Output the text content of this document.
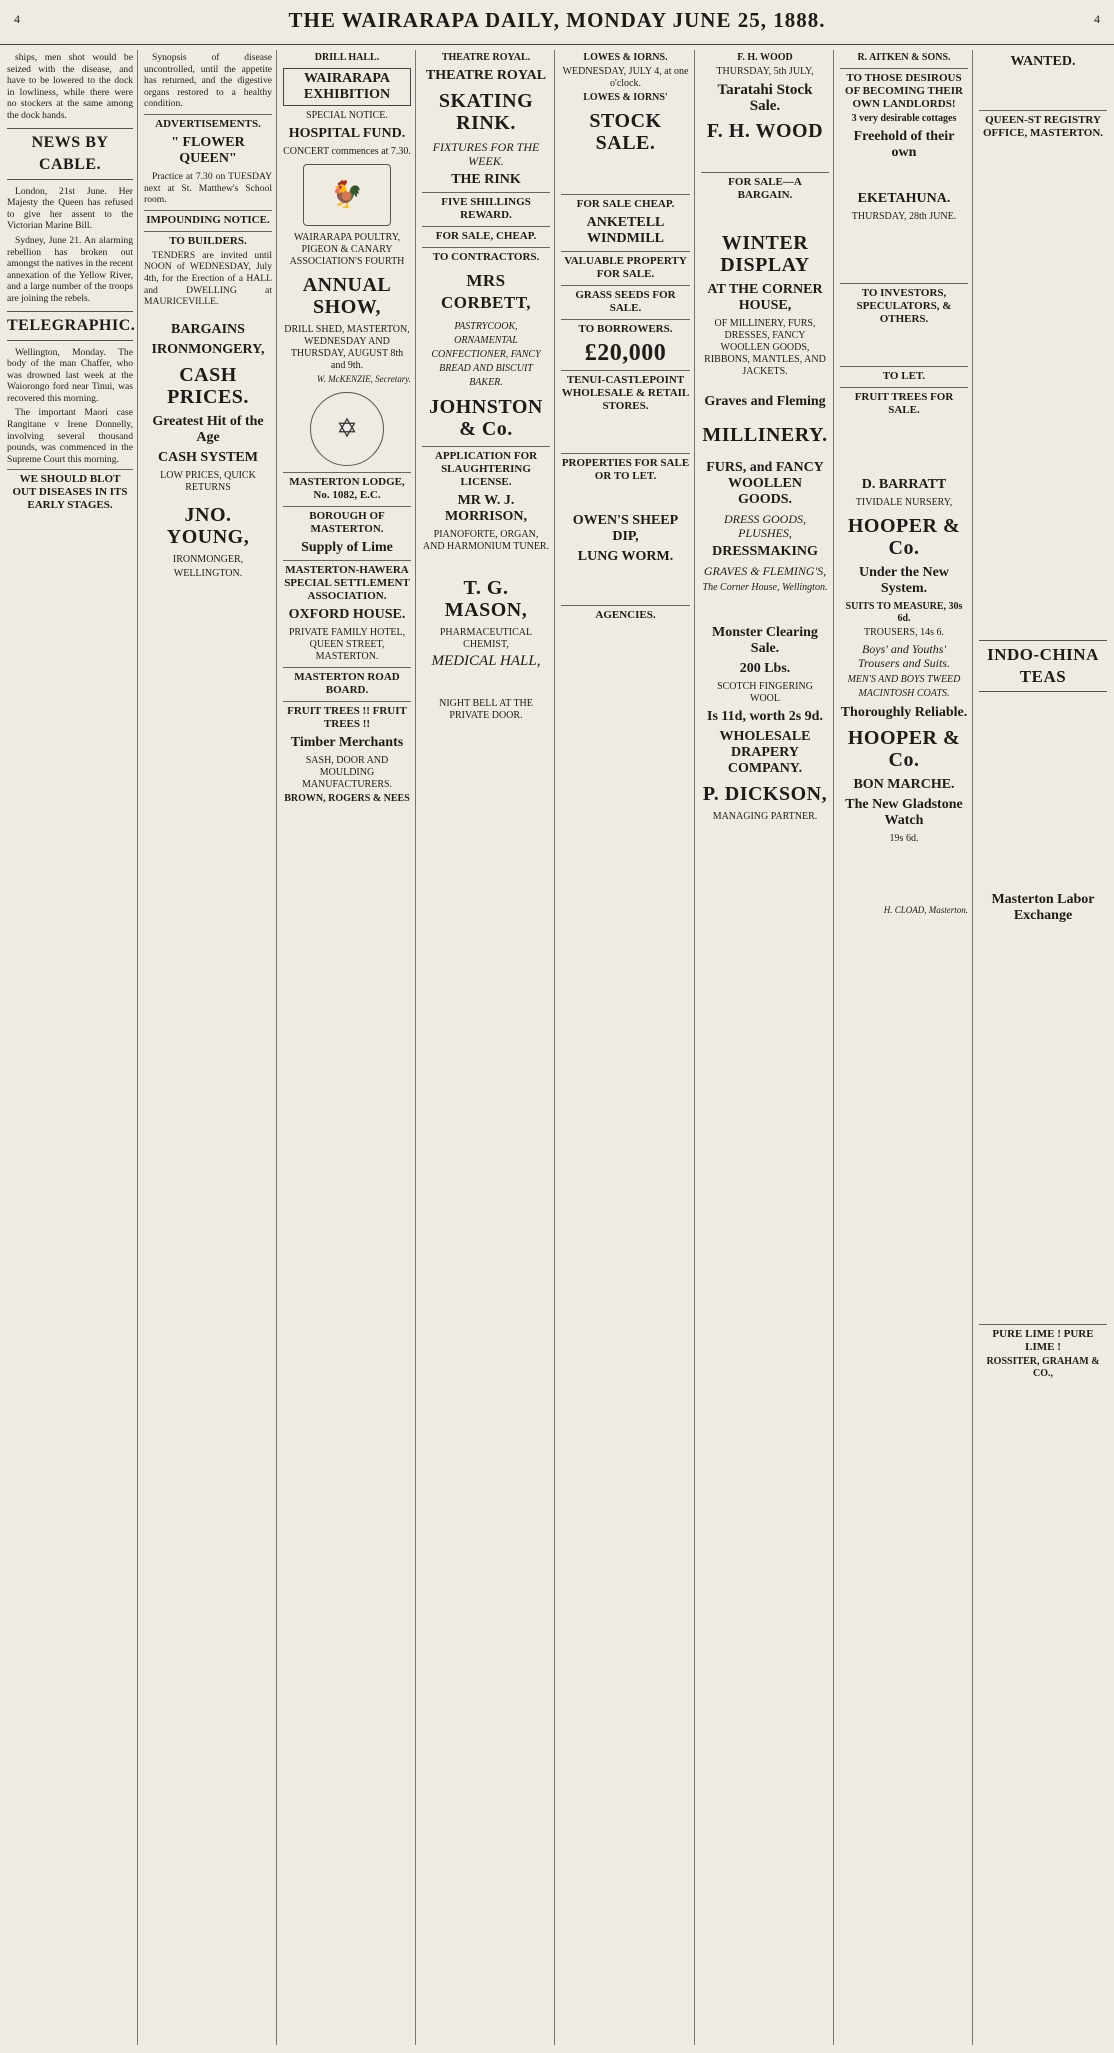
4	THE WAIRARAPA DAILY, MONDAY JUNE 25, 1888.	4

ships, men shot would be seized with the disease, and have to be lowered to the dock in lowliness, while there were no stockers at the same among the dock hands.

NEWS BY CABLE.

London, 21st June. Her Majesty the Queen has refused to give her assent to the Victorian Marine Bill.

Sydney, June 21. An alarming rebellion has broken out amongst the natives in the recent annexation of the Yellow River, and a large number of the troops are joining the rebels.

TELEGRAPHIC.

Wellington, Monday. The body of the man Chaffer, who was drowned last week at the Waiorongo ford near Tinui, was recovered this morning.

The important Maori case Rangitane v Irene Donnelly, involving several thousand pounds, was commenced in the Supreme Court this morning.

WE SHOULD BLOT OUT DISEASES IN ITS EARLY STAGES.

Synopsis of disease uncontrolled, until the appetite has returned, and the digestive organs restored to a healthy condition.

ADVERTISEMENTS.
" FLOWER QUEEN"

Practice at 7.30 on TUESDAY next at St. Matthew's School room.

IMPOUNDING NOTICE.
TO BUILDERS.

TENDERS are invited until NOON of WEDNESDAY, July 4th, for the Erection of a HALL and DWELLING at MAURICEVILLE.

BARGAINS
IRONMONGERY,
CASH PRICES.
Greatest Hit of the Age
CASH SYSTEM
LOW PRICES, QUICK RETURNS
JNO. YOUNG,
IRONMONGER,
WELLINGTON.
DRILL HALL.
WAIRARAPA EXHIBITION
SPECIAL NOTICE.
HOSPITAL FUND.
CONCERT commences at 7.30.
🐓
WAIRARAPA POULTRY, PIGEON & CANARY ASSOCIATION'S FOURTH
ANNUAL SHOW,
DRILL SHED, MASTERTON, WEDNESDAY AND THURSDAY, AUGUST 8th and 9th.
W. McKENZIE, Secretary.
✡
MASTERTON LODGE, No. 1082, E.C.
BOROUGH OF MASTERTON.
Supply of Lime
MASTERTON-HAWERA SPECIAL SETTLEMENT ASSOCIATION.
OXFORD HOUSE.
PRIVATE FAMILY HOTEL, QUEEN STREET, MASTERTON.
MASTERTON ROAD BOARD.
FRUIT TREES !! FRUIT TREES !!
Timber Merchants
SASH, DOOR AND MOULDING MANUFACTURERS.
BROWN, ROGERS & NEES
THEATRE ROYAL.
THEATRE ROYAL
SKATING RINK.
FIXTURES FOR THE WEEK.
THE RINK
FIVE SHILLINGS REWARD.
FOR SALE, CHEAP.
TO CONTRACTORS.
MRS CORBETT,
PASTRYCOOK, ORNAMENTAL CONFECTIONER, FANCY BREAD AND BISCUIT BAKER.
JOHNSTON & Co.
APPLICATION FOR SLAUGHTERING LICENSE.
MR W. J. MORRISON,
PIANOFORTE, ORGAN, AND HARMONIUM TUNER.
T. G. MASON,
PHARMACEUTICAL CHEMIST,
MEDICAL HALL,
NIGHT BELL AT THE PRIVATE DOOR.
LOWES & IORNS.
WEDNESDAY, JULY 4, at one o'clock.
LOWES & IORNS'
STOCK SALE.
FOR SALE CHEAP.
ANKETELL WINDMILL
VALUABLE PROPERTY FOR SALE.
GRASS SEEDS FOR SALE.
TO BORROWERS.
£20,000
TENUI-CASTLEPOINT WHOLESALE & RETAIL STORES.
PROPERTIES FOR SALE OR TO LET.
OWEN'S SHEEP DIP,
LUNG WORM.
AGENCIES.
F. H. WOOD
THURSDAY, 5th JULY,
Taratahi Stock Sale.
F. H. WOOD
FOR SALE—A BARGAIN.
WINTER DISPLAY
AT THE CORNER HOUSE,
OF MILLINERY, FURS, DRESSES, FANCY WOOLLEN GOODS, RIBBONS, MANTLES, AND JACKETS.
Graves and Fleming
MILLINERY.
FURS, and FANCY WOOLLEN GOODS.
DRESS GOODS, PLUSHES,
DRESSMAKING
GRAVES & FLEMING'S,
The Corner House, Wellington.
Monster Clearing Sale.
200 Lbs.
SCOTCH FINGERING WOOL
Is 11d, worth 2s 9d.
WHOLESALE DRAPERY COMPANY.
P. DICKSON,
MANAGING PARTNER.
R. AITKEN & SONS.
TO THOSE DESIROUS OF BECOMING THEIR OWN LANDLORDS!
3 very desirable cottages
Freehold of their own
EKETAHUNA.
THURSDAY, 28th JUNE.
TO INVESTORS, SPECULATORS, & OTHERS.
TO LET.
FRUIT TREES FOR SALE.
D. BARRATT
TIVIDALE NURSERY,
HOOPER & Co.
Under the New System.
SUITS TO MEASURE, 30s 6d.
TROUSERS, 14s 6.
Boys' and Youths' Trousers and Suits.
MEN'S AND BOYS TWEED MACINTOSH COATS.
Thoroughly Reliable.
HOOPER & Co.
BON MARCHE.
The New Gladstone Watch
19s 6d.
H. CLOAD, Masterton.
WANTED.
QUEEN-ST REGISTRY OFFICE, MASTERTON.
INDO-CHINA TEAS
Masterton Labor Exchange
PURE LIME ! PURE LIME !
ROSSITER, GRAHAM & CO.,
